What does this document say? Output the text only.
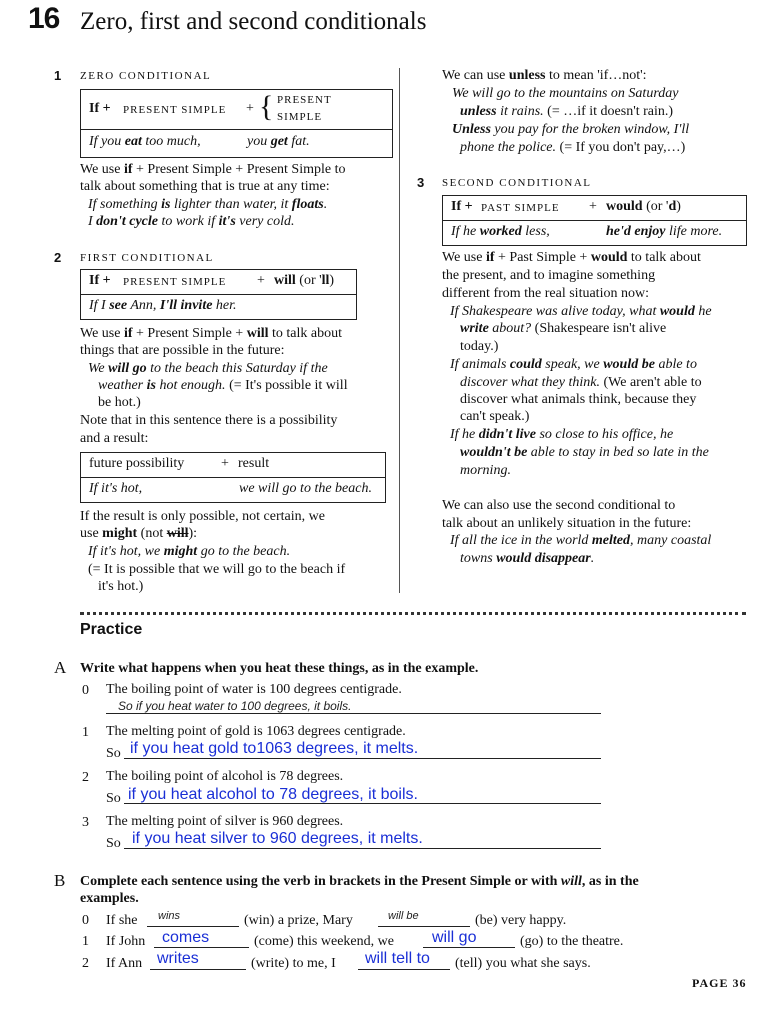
16 Zero, first and second conditionals
1 ZERO CONDITIONAL
If + PRESENT SIMPLE + { PRESENT
SIMPLE
If you eat too much,	you get fat.
We use if + Present Simple + Present Simple to
talk about something that is true at any time:
If something is lighter than water, it floats.
I don't cycle to work if it's very cold.
2 FIRST CONDITIONAL
If + PRESENT SIMPLE + will (or 'll)
If I see Ann, I'll invite her.
We use if + Present Simple + will to talk about
things that are possible in the future:
We will go to the beach this Saturday if the
weather is hot enough. (= It's possible it will
be hot.)
Note that in this sentence there is a possibility
and a result:
future possibility	+ result
If it's hot,	we will go to the beach.
If the result is only possible, not certain, we
use might (not will):
If it's hot, we might go to the beach.
(= It is possible that we will go to the beach if
it's hot.)
We can use unless to mean 'if…not':
We will go to the mountains on Saturday
unless it rains. (= …if it doesn't rain.)
Unless you pay for the broken window, I'll
phone the police. (= If you don't pay,…)
3 SECOND CONDITIONAL
If + PAST SIMPLE + would (or 'd)
If he worked less,	he'd enjoy life more.
We use if + Past Simple + would to talk about
the present, and to imagine something
different from the real situation now:
If Shakespeare was alive today, what would he
write about? (Shakespeare isn't alive
today.)
If animals could speak, we would be able to
discover what they think. (We aren't able to
discover what animals think, because they
can't speak.)
If he didn't live so close to his office, he
wouldn't be able to stay in bed so late in the
morning.
We can also use the second conditional to
talk about an unlikely situation in the future:
If all the ice in the world melted, many coastal
towns would disappear.
Practice
A Write what happens when you heat these things, as in the example.
0 The boiling point of water is 100 degrees centigrade.
So if you heat water to 100 degrees, it boils.
1 The melting point of gold is 1063 degrees centigrade.
So if you heat gold to1063 degrees, it melts.
2 The boiling point of alcohol is 78 degrees.
So if you heat alcohol to 78 degrees, it boils.
3 The melting point of silver is 960 degrees.
So if you heat silver to 960 degrees, it melts.
B Complete each sentence using the verb in brackets in the Present Simple or with will, as in the
examples.
0 If she wins	(win) a prize, Mary	will be	(be) very happy.
1 If John comes	(come) this weekend, we will go	(go) to the theatre.
2 If Ann writes	(write) to me, I will tell to (tell) you what she says.
PAGE 36
